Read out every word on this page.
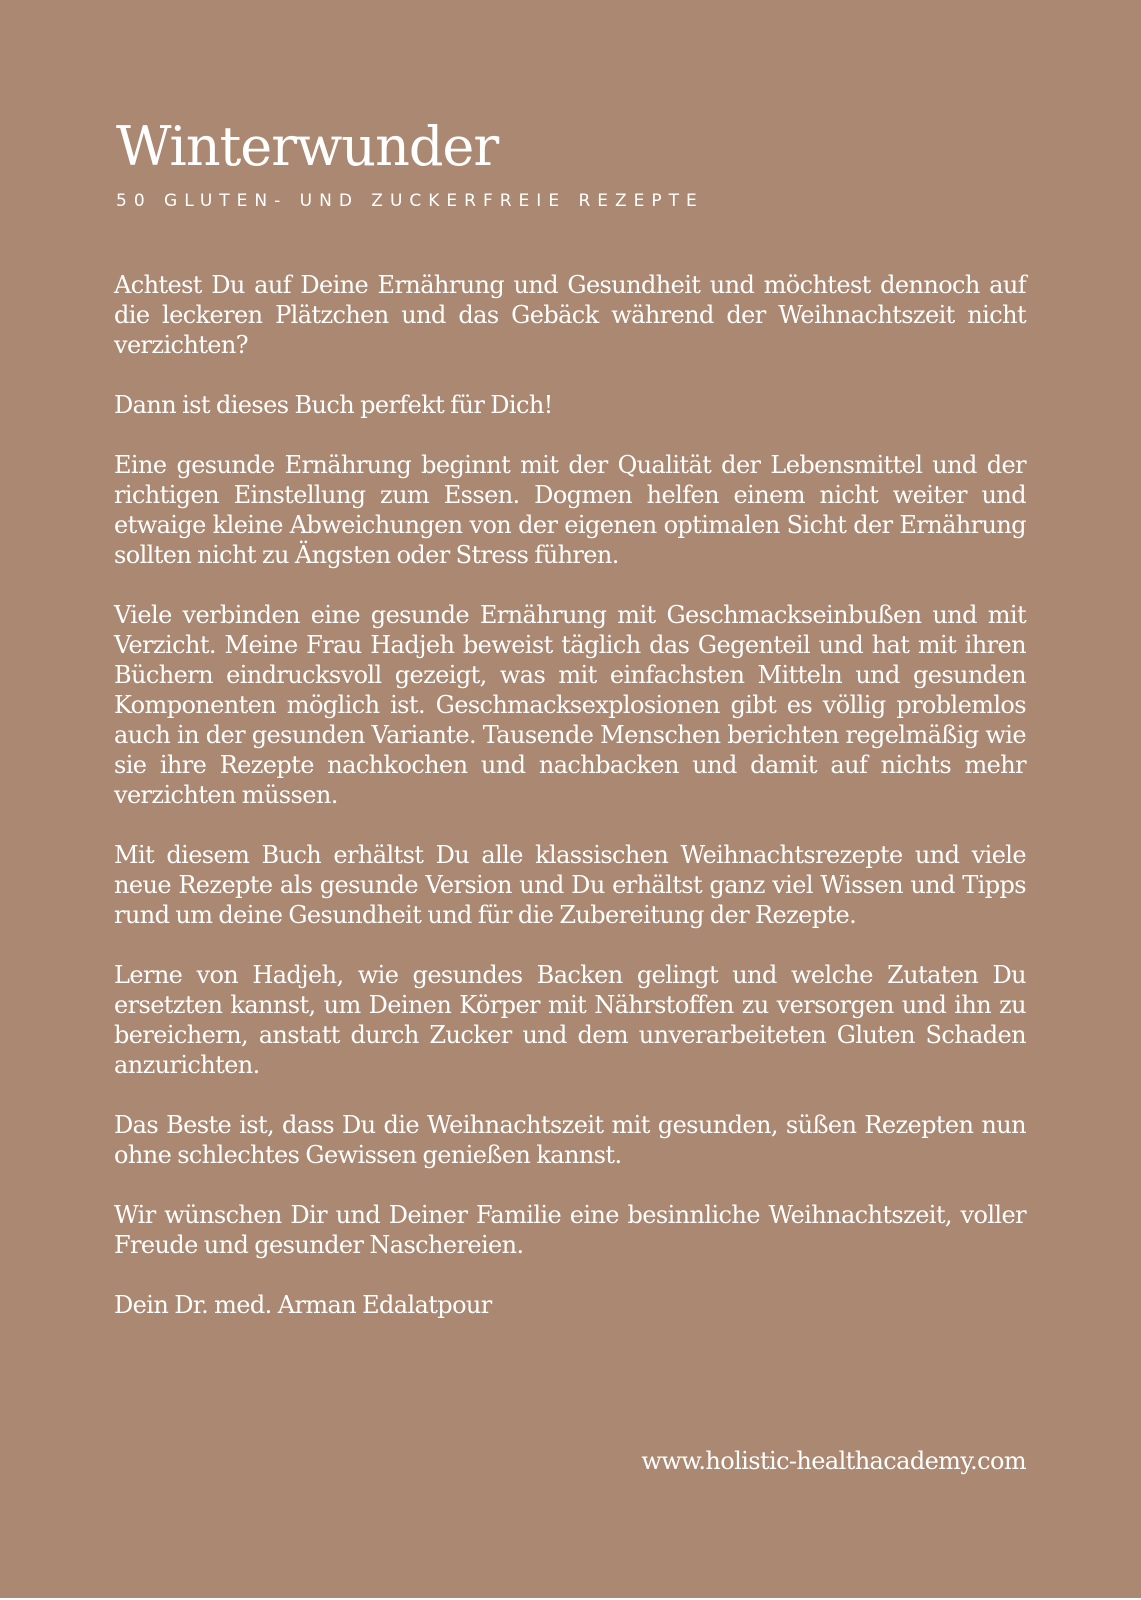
Winterwunder
50 GLUTEN- UND ZUCKERFREIE REZEPTE

Achtest Du auf Deine Ernährung und Gesundheit und möchtest dennoch auf die leckeren Plätzchen und das Gebäck während der Weihnachtszeit nicht verzichten?

Dann ist dieses Buch perfekt für Dich!

Eine gesunde Ernährung beginnt mit der Qualität der Lebensmittel und der richtigen Einstellung zum Essen. Dogmen helfen einem nicht weiter und etwaige kleine Abweichungen von der eigenen optimalen Sicht der Ernährung sollten nicht zu Ängsten oder Stress führen.

Viele verbinden eine gesunde Ernährung mit Geschmackseinbußen und mit Verzicht. Meine Frau Hadjeh beweist täglich das Gegenteil und hat mit ihren Büchern eindrucksvoll gezeigt, was mit einfachsten Mitteln und gesunden Komponenten möglich ist. Geschmacksexplosionen gibt es völlig problemlos auch in der gesunden Variante. Tausende Menschen berichten regelmäßig wie sie ihre Rezepte nachkochen und nachbacken und damit auf nichts mehr verzichten müssen.

Mit diesem Buch erhältst Du alle klassischen Weihnachtsrezepte und viele neue Rezepte als gesunde Version und Du erhältst ganz viel Wissen und Tipps rund um deine Gesundheit und für die Zubereitung der Rezepte.

Lerne von Hadjeh, wie gesundes Backen gelingt und welche Zutaten Du ersetzten kannst, um Deinen Körper mit Nährstoffen zu versorgen und ihn zu bereichern, anstatt durch Zucker und dem unverarbeiteten Gluten Schaden anzurichten.

Das Beste ist, dass Du die Weihnachtszeit mit gesunden, süßen Rezepten nun ohne schlechtes Gewissen genießen kannst.

Wir wünschen Dir und Deiner Familie eine besinnliche Weihnachtszeit, voller Freude und gesunder Naschereien.

Dein Dr. med. Arman Edalatpour

www.holistic-healthacademy.com
